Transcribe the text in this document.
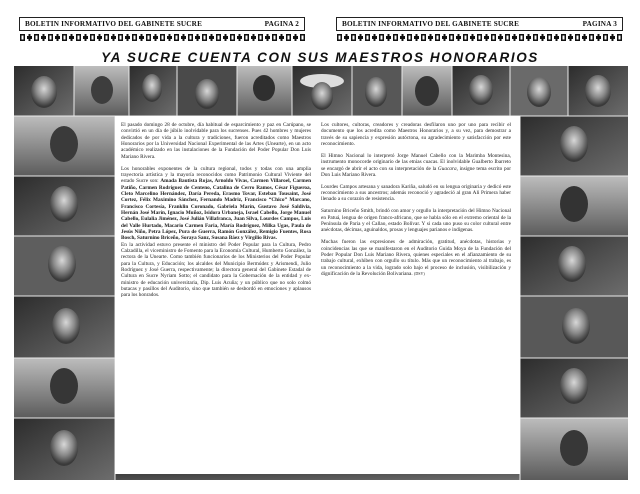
BOLETIN INFORMATIVO DEL GABINETE SUCRE	PAGINA 2	BOLETIN INFORMATIVO DEL GABINETE SUCRE	PAGINA 3
YA SUCRE CUENTA CON SUS MAESTROS HONORARIOS

El pasado domingo 28 de octubre, día habitual de esparcimiento y paz en Carúpano, se convirtió en un día de júbilo inolvidable para los sucrenses. Pues 42 hombres y mujeres dedicados de por vida a la cultura y tradiciones, fueron acreditados como Maestros Honorarios por la Universidad Nacional Experimental de las Artes (Unearte), en un acto académico realizado en las instalaciones de la Fundación del Poder Popular Don Luis Mariano Rivera.

Los honorables exponentes de la cultura regional, todos y todas con una amplia trayectoria artística y la mayoría reconocidos como Patrimonio Cultural Viviente del estado Sucre son: Amada Bautista Rojas, Arnoldo Vivas, Carmen Villaroel, Carmen Patiño, Carmen Rodríguez de Centeno, Catalina de Cerro Ramos, César Figueroa, Cleto Marcelino Hernández, Daría Pereda, Erasmo Tovar, Esteban Tousaint, José Cortez, Félix Maximino Sánchez, Fernando Madriz, Francisco “Chico” Marcano, Francisco Cortesía, Franklin Coronado, Gabriela Marín, Gustavo José Saldivia, Hernán José Marín, Ignacio Muñoz, Isidora Urbaneja, Israel Cabello, Jorge Manuel Cabello, Eulalia Jiménez, José Julián Villafranca, Juan Silva, Lourdes Campos, Luis del Valle Hurtado, Macario Carmen Faria, María Rodríguez, Milka Ugas, Paula de Jesús Niño, Petra López, Pura de Guerra, Ramón González, Remigio Fuentes, Rosa Bosch, Saturnino Briceño, Soraya Sanz, Susana Báez y Virgilio Rivas.

En la actividad estuvo presente el ministro del Poder Popular para la Cultura, Pedro Calzadilla, el viceministro de Fomento para la Economía Cultural, Humberto González, la rectora de la Unearte. Como también funcionarios de los Ministerios del Poder Popular para la Cultura, y Educación; los alcaldes del Municipio Bermúdez y Arismendi, Julio Rodríguez y José Guerra, respectivamente; la directora general del Gabinete Estadal de Cultura en Sucre Nyriam Sotto; el candidato para la Gobernación de la entidad y ex-ministro de educación universitaria, Dip. Luis Acuña; y un público que no solo colmó butacas y pasillos del Auditorio, sino que también se desbordó en emociones y aplausos para los honrados.

Los cultores, cultoras, creadores y creadoras desfilaron uno por uno para recibir el documento que los acredita como Maestros Honorarios y, a su vez, para demostrar a través de su sapiencia y expresión autóctona, su agradecimiento y satisfacción por este reconocimiento.

El Himno Nacional lo interpretó Jorge Manuel Cabello con la Marimba Montesina, instrumento monocorde originario de las etnias cuacas. El inolvidable Gualberto Ibarreto se encargó de abrir el acto con su interpretación de la Guacara, insigne tema escrito por Don Luis Mariano Rivera.

Lourdes Campos artesana y sanadora Kariña, saludó en su lengua originaria y dedicó este reconocimiento a sus ancestros; además reconoció y agradeció al gran Ali Primera haber llenado a su corazón de resistencia.

Saturnino Briceño Smith, brindó con amor y orgullo la interpretación del Himno Nacional en Patuá, lengua de origen franco-africano, que se habla sólo en el extremo oriental de la Península de Paria y el Callao, estado Bolívar. Y si cada uno puso su color cultural entre anécdotas, décimas, aguinaldos, prosas y lenguajes parianos e indígenas.

Muchas fueron las expresiones de admiración, gratitud, anécdotas, historias y coincidencias las que se manifestaron en el Auditorio Guida Moya de la Fundación del Poder Popular Don Luis Mariano Rivera, quienes especiales en el afianzamiento de su trabajo cultural, exhiben con orgullo su título. Más que un reconocimiento al trabajo, es un reconocimiento a la vida, logrado solo bajo el proceso de inclusión, visibilización y dignificación de la Revolución Bolivariana. (DSV)
